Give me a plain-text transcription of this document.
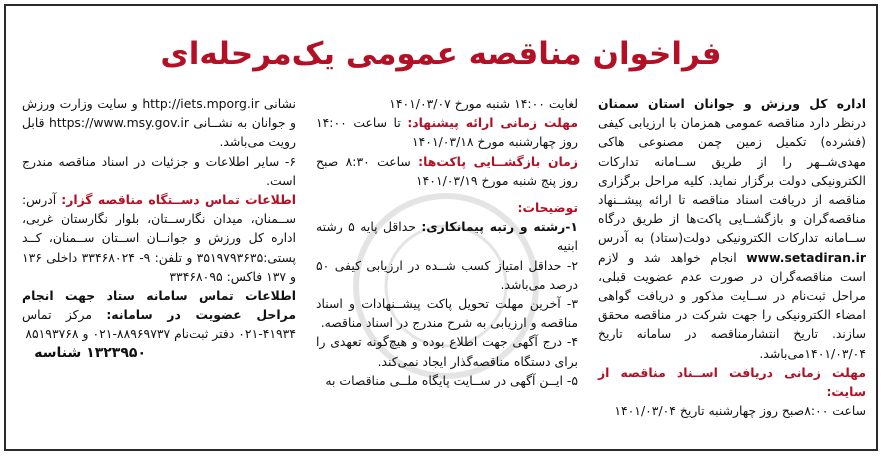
فراخوان مناقصه عمومی یک‌مرحله‌ای

اداره کل ورزش و جوانان استان سمنان درنظر دارد مناقصه عمومی همزمان با ارزیابی کیفی (فشرده) تکمیل زمین چمن مصنوعی هاکی مهدی‌شــهر را از طریق ســامانه تدارکات الکترونیکی دولت برگزار نماید. کلیه مراحل برگزاری مناقصه از دریافت اسناد مناقصه تا ارائه پیشــنهاد مناقصه‌گران و بازگشــایی پاکت‌ها از طریق درگاه ســامانه تدارکات الکترونیکی دولت(ستاد) به آدرس www.setadiran.ir انجام خواهد شد و لازم است مناقصه‌گران در صورت عدم عضویت قبلی، مراحل ثبت‌نام در ســایت مذکور و دریافت گواهی امضاء الکترونیکی را جهت شرکت در مناقصه محقق سازند. تاریخ انتشارمناقصه در سامانه تاریخ ۱۴۰۱/۰۳/۰۴می‌باشد.

مهلت زمانی دریافت اســناد مناقصه از سایت:

ساعت ۸:۰۰صبح روز چهارشنبه تاریخ ۱۴۰۱/۰۳/۰۴

لغایت ۱۴:۰۰ شنبه مورخ ۱۴۰۱/۰۳/۰۷

مهلت زمانی ارائه پیشنهاد: تا ساعت ۱۴:۰۰ روز چهارشنبه مورخ ۱۴۰۱/۰۳/۱۸

زمان بازگشــایی پاکت‌ها: ساعت ۸:۳۰ صبح روز پنج شنبه مورخ ۱۴۰۱/۰۳/۱۹

توضیحات:

۱-رشته و رتبه پیمانکاری: حداقل پایه ۵ رشته ابنیه

۲- حداقل امتیاز کسب شــده در ارزیابی کیفی ۵۰ درصد می‌باشد.

۳- آخرین مهلت تحویل پاکت پیشــنهادات و اسناد مناقصه و ارزیابی به شرح مندرج در اسناد مناقصه.

۴- درج آگهی جهت اطلاع بوده و هیچ‌گونه تعهدی را برای دستگاه مناقصه‌گذار ایجاد نمی‌کند.

۵- ایــن آگهی در ســایت پایگاه ملــی مناقصات به

نشانی http://iets.mporg.ir و سایت وزارت ورزش و جوانان به نشــانی https://www.msy.gov.ir قابل رویت می‌باشد.

۶- سایر اطلاعات و جزئیات در اسناد مناقصه مندرج است.

اطلاعات تماس دســتگاه مناقصه گزار: آدرس: ســمنان، میدان نگارســتان، بلوار نگارستان غربی، اداره کل ورزش و جوانــان اســتان ســمنان، کــد پستی:۳۵۱۹۷۹۳۶۳۵ و تلفن: ۹- ۳۳۴۶۸۰۲۴ داخلی ۱۳۶ و ۱۳۷ فاکس: ۳۳۴۶۸۰۹۵

اطلاعات تماس سامانه ستاد جهت انجام مراحل عضویت در سامانه: مرکز تماس ۴۱۹۳۴-۰۲۱ دفتر ثبت‌نام ۸۸۹۶۹۷۳۷-۰۲۱ و ۸۵۱۹۳۷۶۸

۱۳۲۳۹۵۰ شناسه
